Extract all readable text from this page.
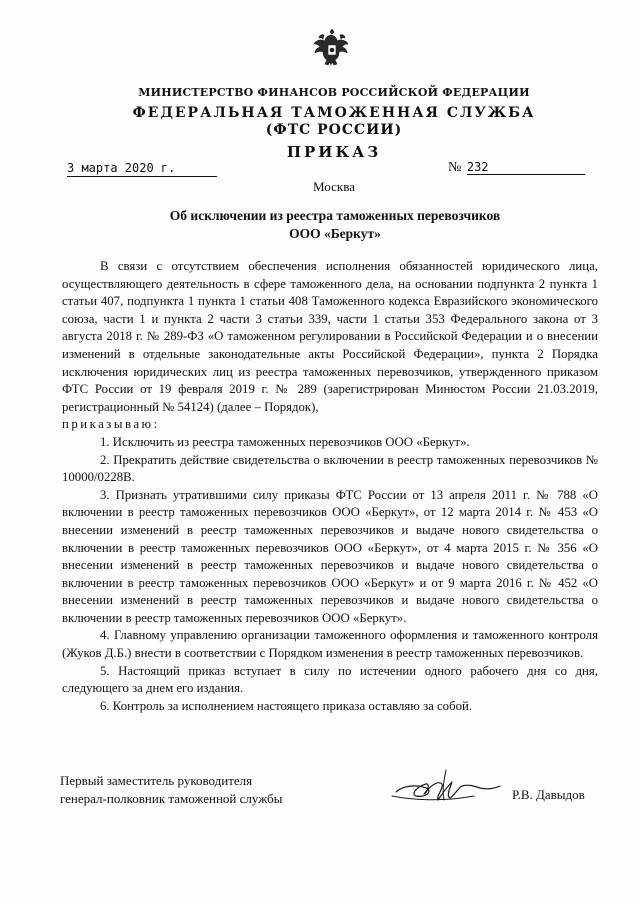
МИНИСТЕРСТВО ФИНАНСОВ РОССИЙСКОЙ ФЕДЕРАЦИИ
ФЕДЕРАЛЬНАЯ ТАМОЖЕННАЯ СЛУЖБА
(ФТС РОССИИ)
ПРИКАЗ
3 марта 2020 г.	№ 232
Москва
Об исключении из реестра таможенных перевозчиков
ООО «Беркут»

В связи с отсутствием обеспечения исполнения обязанностей юридического лица, осуществляющего деятельность в сфере таможенного дела, на основании подпункта 2 пункта 1 статьи 407, подпункта 1 пункта 1 статьи 408 Таможенного кодекса Евразийского экономического союза, части 1 и пункта 2 части 3 статьи 339, части 1 статьи 353 Федерального закона от 3 августа 2018 г. № 289-ФЗ «О таможенном регулировании в Российской Федерации и о внесении изменений в отдельные законодательные акты Российской Федерации», пункта 2 Порядка исключения юридических лиц из реестра таможенных перевозчиков, утвержденного приказом ФТС России от 19 февраля 2019 г. № 289 (зарегистрирован Минюстом России 21.03.2019, регистрационный № 54124) (далее – Порядок),
приказываю:

1. Исключить из реестра таможенных перевозчиков ООО «Беркут».

2. Прекратить действие свидетельства о включении в реестр таможенных перевозчиков № 10000/0228В.

3. Признать утратившими силу приказы ФТС России от 13 апреля 2011 г. № 788 «О включении в реестр таможенных перевозчиков ООО «Беркут», от 12 марта 2014 г. № 453 «О внесении изменений в реестр таможенных перевозчиков и выдаче нового свидетельства о включении в реестр таможенных перевозчиков ООО «Беркут», от 4 марта 2015 г. № 356 «О внесении изменений в реестр таможенных перевозчиков и выдаче нового свидетельства о включении в реестр таможенных перевозчиков ООО «Беркут» и от 9 марта 2016 г. № 452 «О внесении изменений в реестр таможенных перевозчиков и выдаче нового свидетельства о включении в реестр таможенных перевозчиков ООО «Беркут».

4. Главному управлению организации таможенного оформления и таможенного контроля (Жуков Д.Б.) внести в соответствии с Порядком изменения в реестр таможенных перевозчиков.

5. Настоящий приказ вступает в силу по истечении одного рабочего дня со дня, следующего за днем его издания.

6. Контроль за исполнением настоящего приказа оставляю за собой.

Первый заместитель руководителя
генерал-полковник таможенной службы	Р.В. Давыдов
